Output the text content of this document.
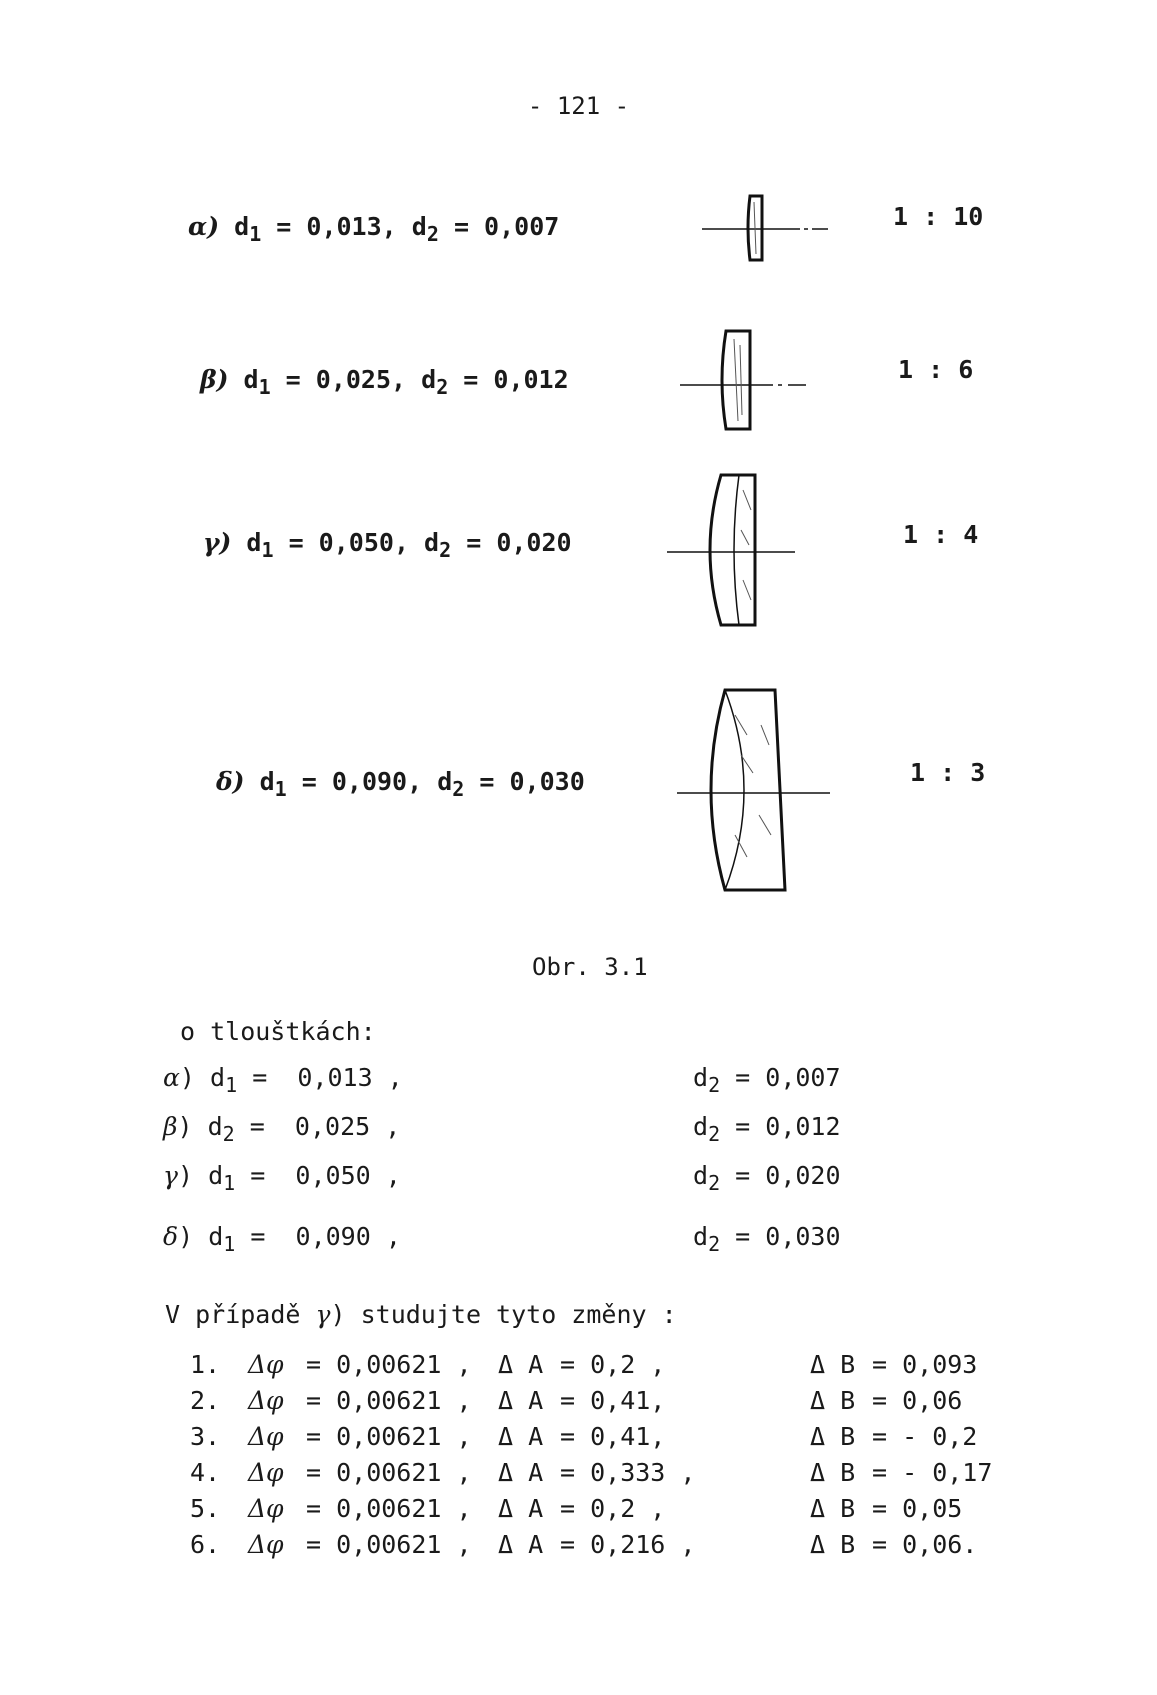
- 121 -
α) $d_1 = 0,013$, $d_2 = 0,007$	1 : 10
β) $d_1 = 0,025$, $d_2 = 0,012$	1 : 6
γ) $d_1 = 0,050$, $d_2 = 0,020$	1 : 4
δ) $d_1 = 0,090$, $d_2 = 0,030$	1 : 3
Obr. 3.1
o tlouštkách:
α) $d_1 = 0,013$ ,	$d_2 = 0,007$
β) $d_2 = 0,025$ ,	$d_2 = 0,012$
γ) $d_1 = 0,050$ ,	$d_2 = 0,020$
δ) $d_1 = 0,090$ ,	$d_2 = 0,030$
V případě γ) studujte tyto změny :
1.	Δφ	= 0,00621 ,	Δ A	= 0,2 ,	Δ B	= 0,093
2.	Δφ	= 0,00621 ,	Δ A	= 0,41,	Δ B	= 0,06
3.	Δφ	= 0,00621 ,	Δ A	= 0,41,	Δ B	= - 0,2
4.	Δφ	= 0,00621 ,	Δ A	= 0,333 ,	Δ B	= - 0,17
5.	Δφ	= 0,00621 ,	Δ A	= 0,2 ,	Δ B	= 0,05
6.	Δφ	= 0,00621 ,	Δ A	= 0,216 ,	Δ B	= 0,06.
